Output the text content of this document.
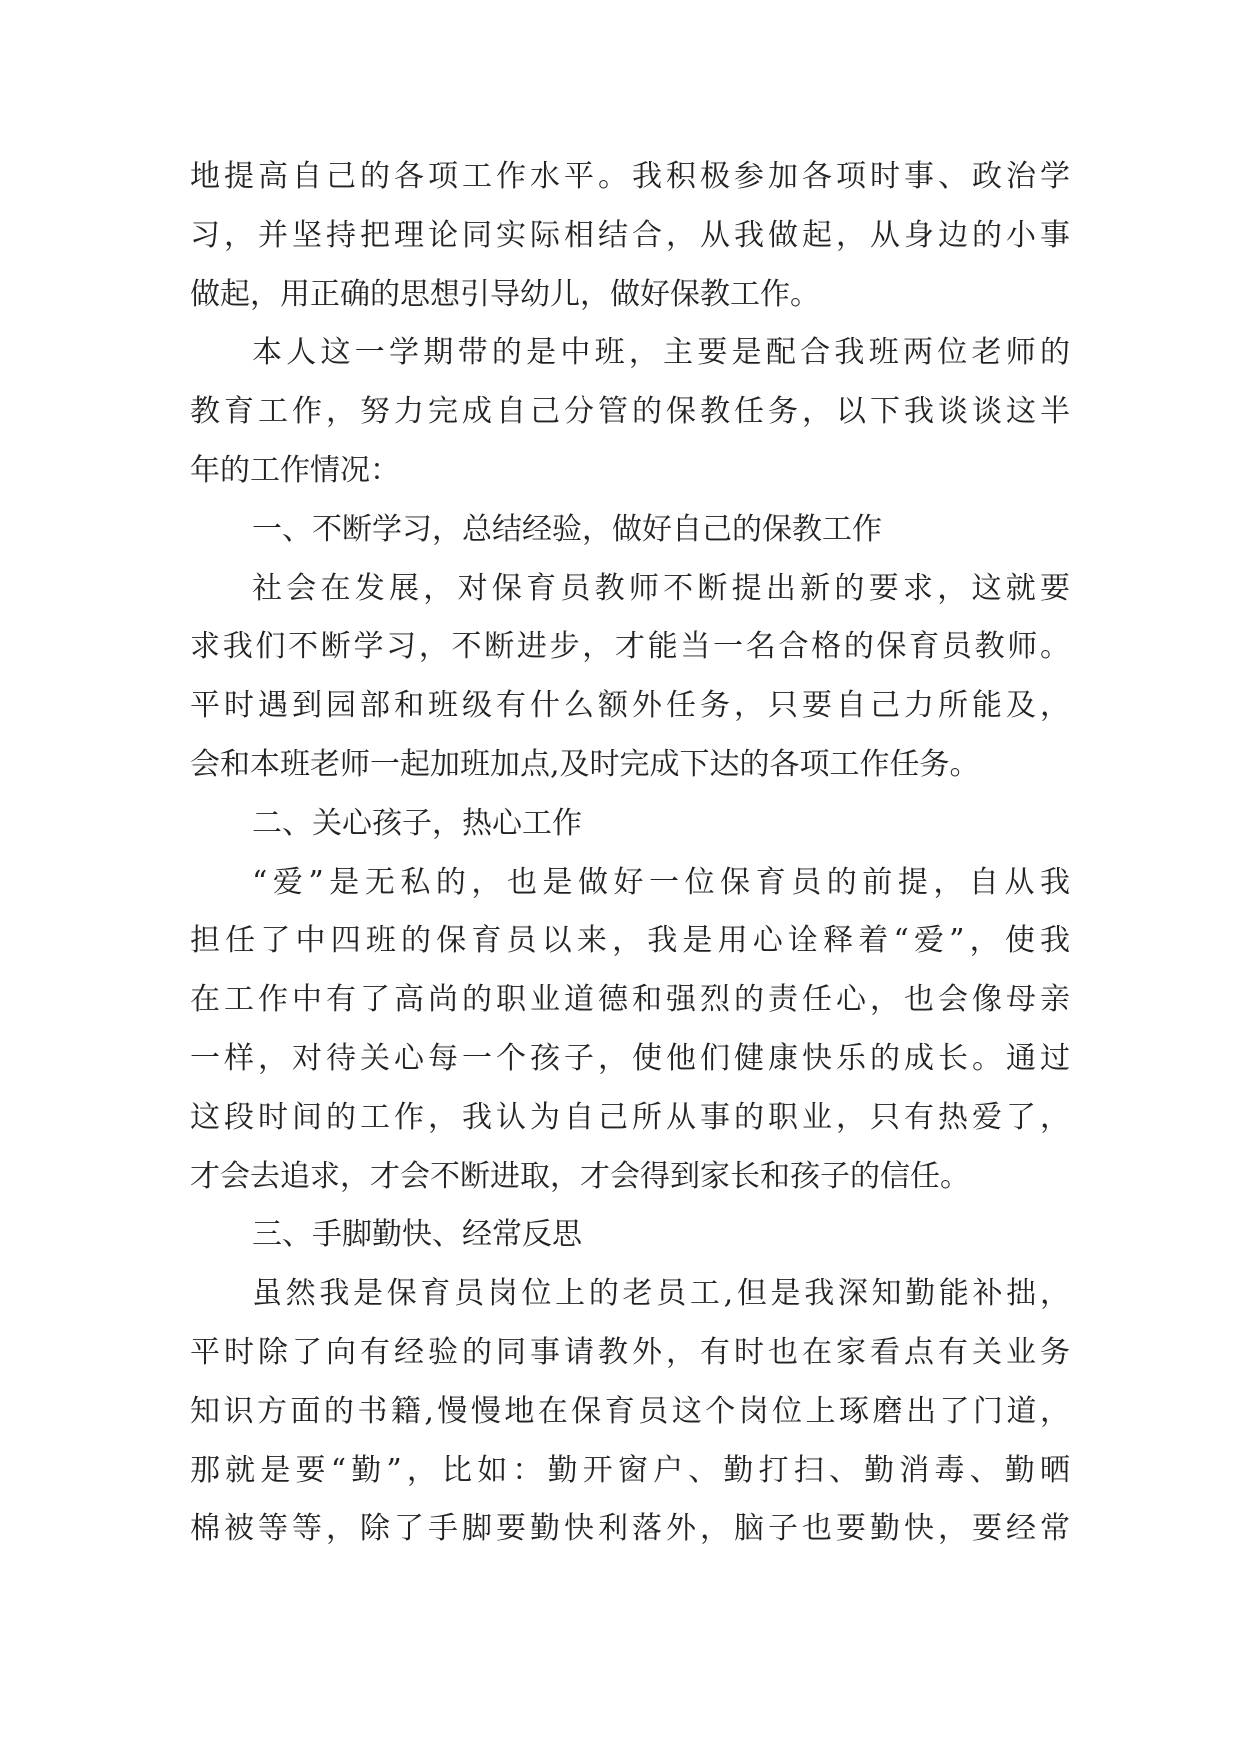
地提高自己的各项工作水平。我积极参加各项时事、政治学
习，并坚持把理论同实际相结合，从我做起，从身边的小事
做起，用正确的思想引导幼儿，做好保教工作。
本人这一学期带的是中班，主要是配合我班两位老师的
教育工作，努力完成自己分管的保教任务，以下我谈谈这半
年的工作情况：
一、不断学习，总结经验，做好自己的保教工作
社会在发展，对保育员教师不断提出新的要求，这就要
求我们不断学习，不断进步，才能当一名合格的保育员教师。
平时遇到园部和班级有什么额外任务，只要自己力所能及，
会和本班老师一起加班加点,及时完成下达的各项工作任务。
二、关心孩子，热心工作
“爱”是无私的，也是做好一位保育员的前提，自从我
担任了中四班的保育员以来，我是用心诠释着“爱”，使我
在工作中有了高尚的职业道德和强烈的责任心，也会像母亲
一样，对待关心每一个孩子，使他们健康快乐的成长。通过
这段时间的工作，我认为自己所从事的职业，只有热爱了，
才会去追求，才会不断进取，才会得到家长和孩子的信任。
三、手脚勤快、经常反思
虽然我是保育员岗位上的老员工,但是我深知勤能补拙，
平时除了向有经验的同事请教外，有时也在家看点有关业务
知识方面的书籍,慢慢地在保育员这个岗位上琢磨出了门道，
那就是要“勤”，比如：勤开窗户、勤打扫、勤消毒、勤晒
棉被等等，除了手脚要勤快利落外，脑子也要勤快，要经常
